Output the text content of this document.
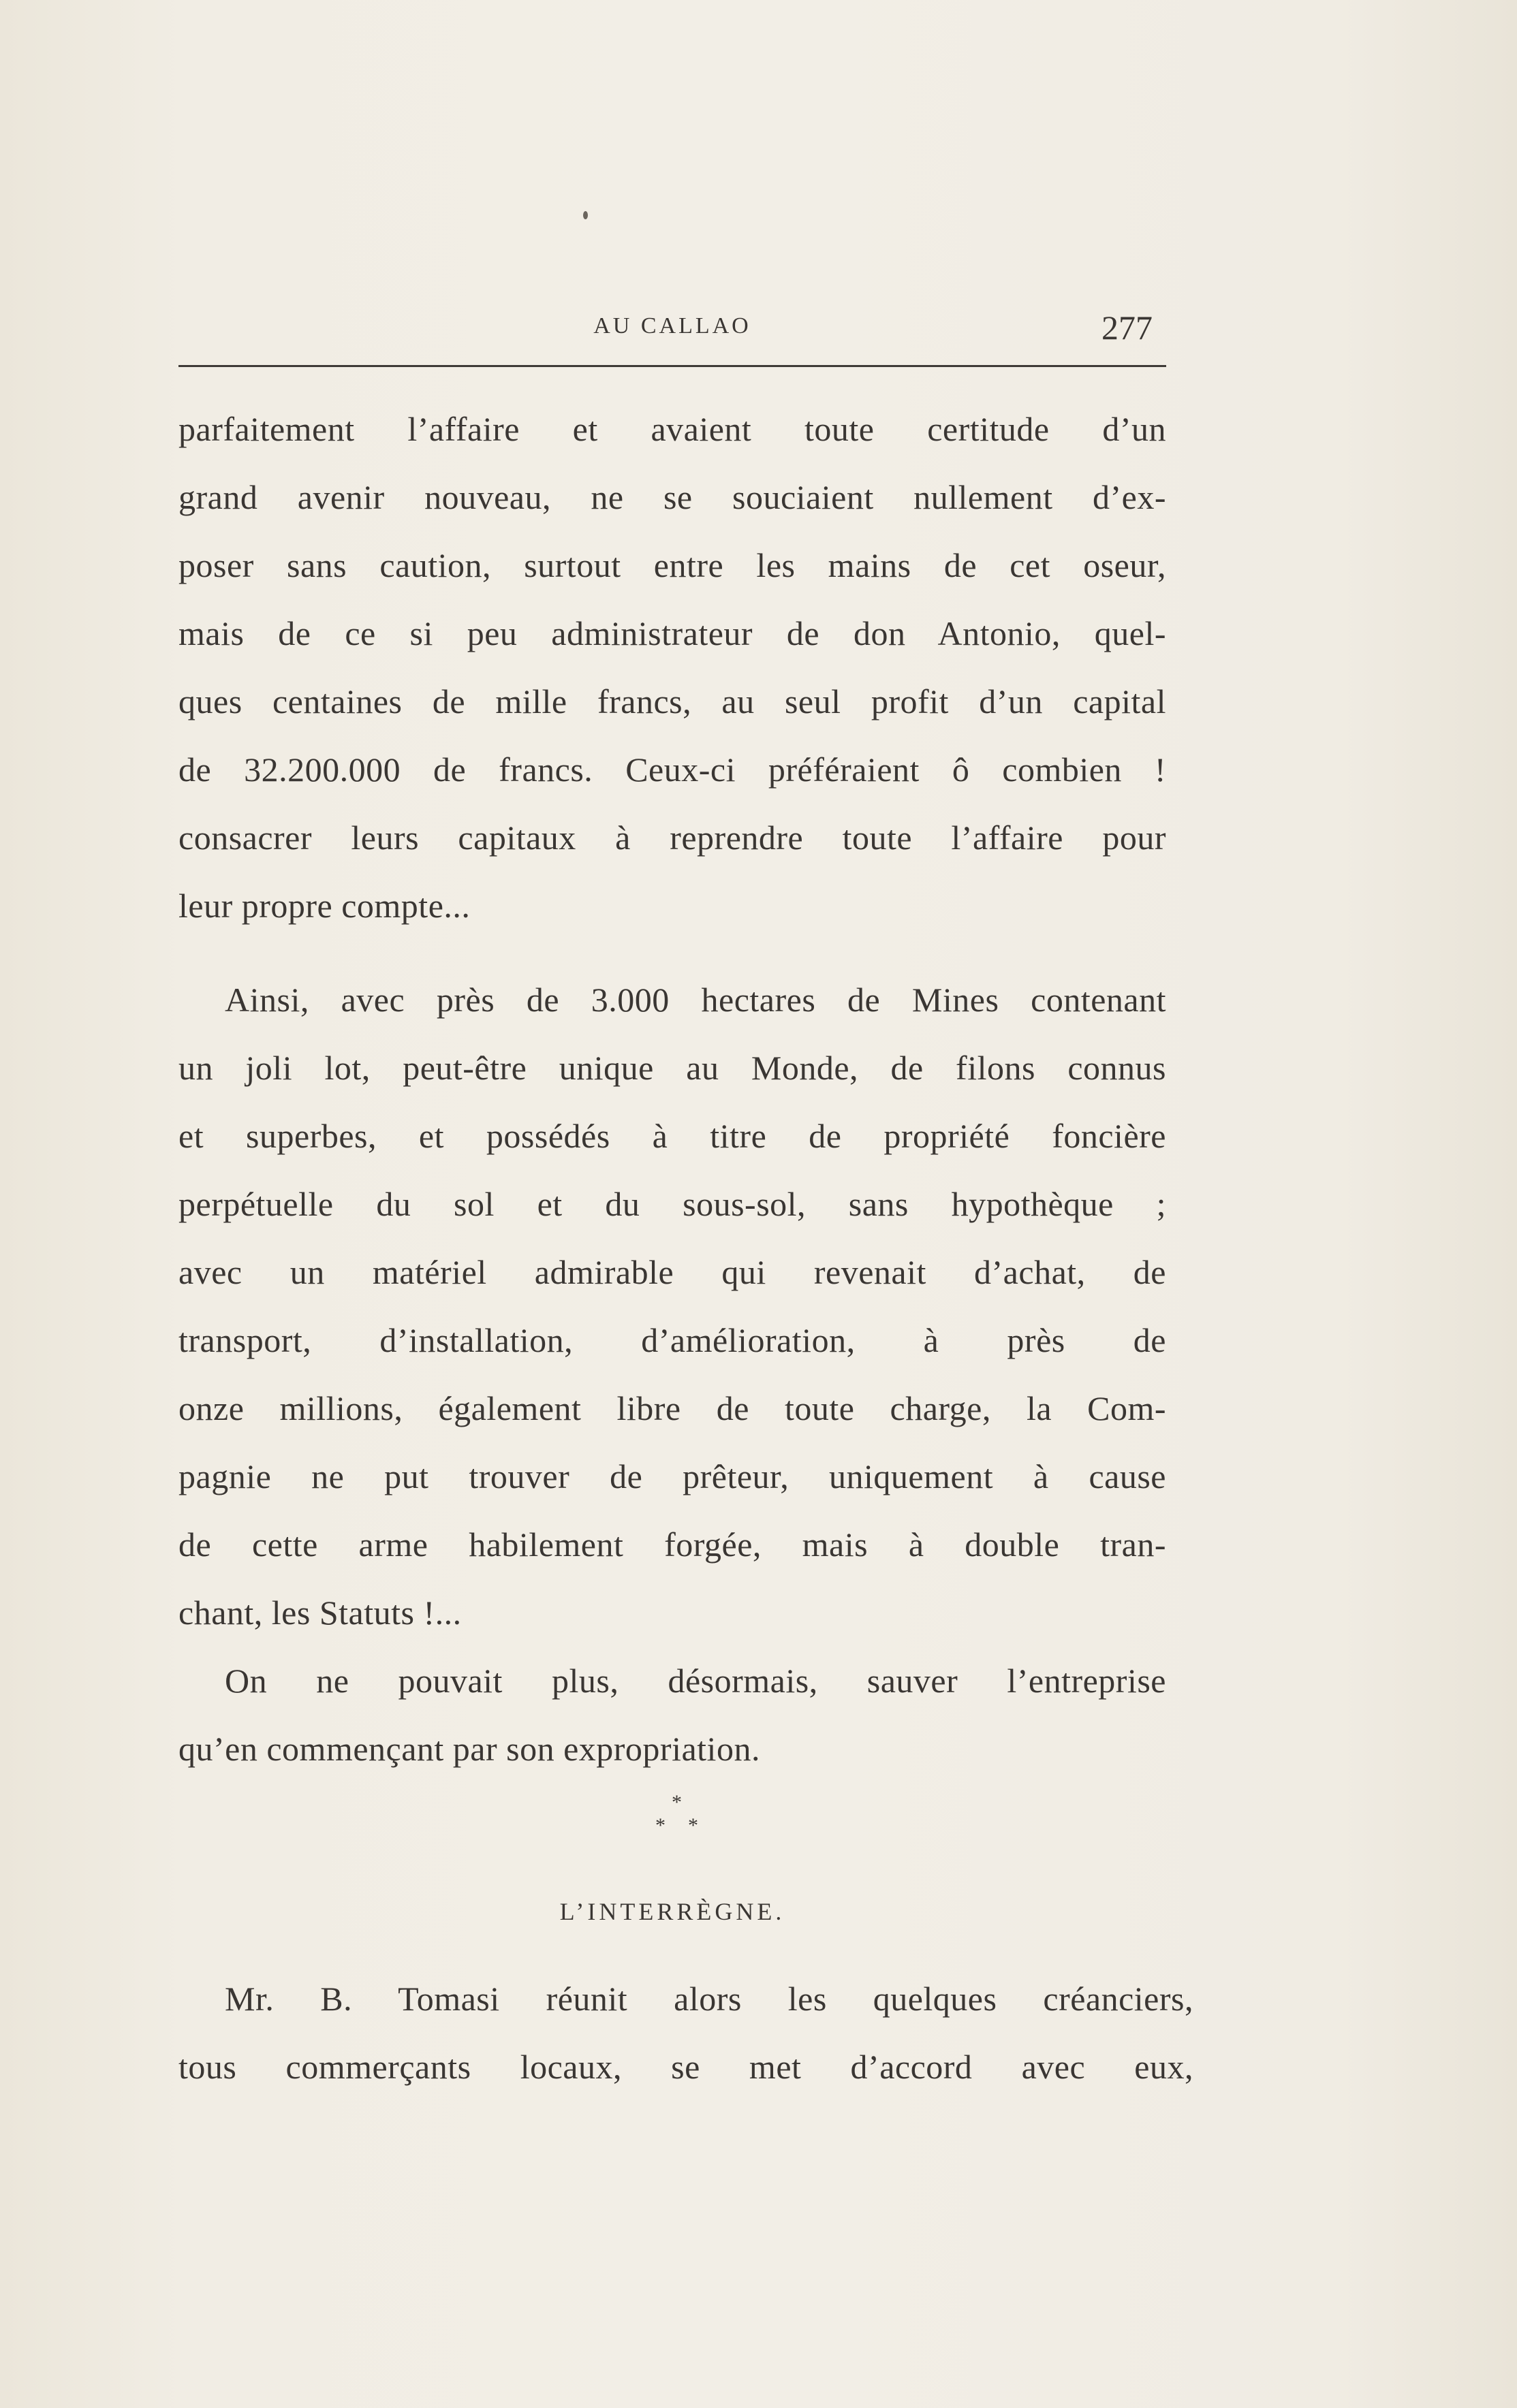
AU CALLAO	277
parfaitement l’affaire et avaient toute certitude d’un
grand avenir nouveau, ne se souciaient nullement d’ex-
poser sans caution, surtout entre les mains de cet oseur,
mais de ce si peu administrateur de don Antonio, quel-
ques centaines de mille francs, au seul profit d’un capital
de 32.200.000 de francs. Ceux-ci préféraient ô combien !
consacrer leurs capitaux à reprendre toute l’affaire pour
leur propre compte...
Ainsi, avec près de 3.000 hectares de Mines contenant
un joli lot, peut-être unique au Monde, de filons connus
et superbes, et possédés à titre de propriété foncière
perpétuelle du sol et du sous-sol, sans hypothèque ;
avec un matériel admirable qui revenait d’achat, de
transport, d’installation, d’amélioration, à près de
onze millions, également libre de toute charge, la Com-
pagnie ne put trouver de prêteur, uniquement à cause
de cette arme habilement forgée, mais à double tran-
chant, les Statuts !...
On ne pouvait plus, désormais, sauver l’entreprise
qu’en commençant par son expropriation.
*
* *
L’INTERRÈGNE.
Mr. B. Tomasi réunit alors les quelques créanciers,
tous commerçants locaux, se met d’accord avec eux,
